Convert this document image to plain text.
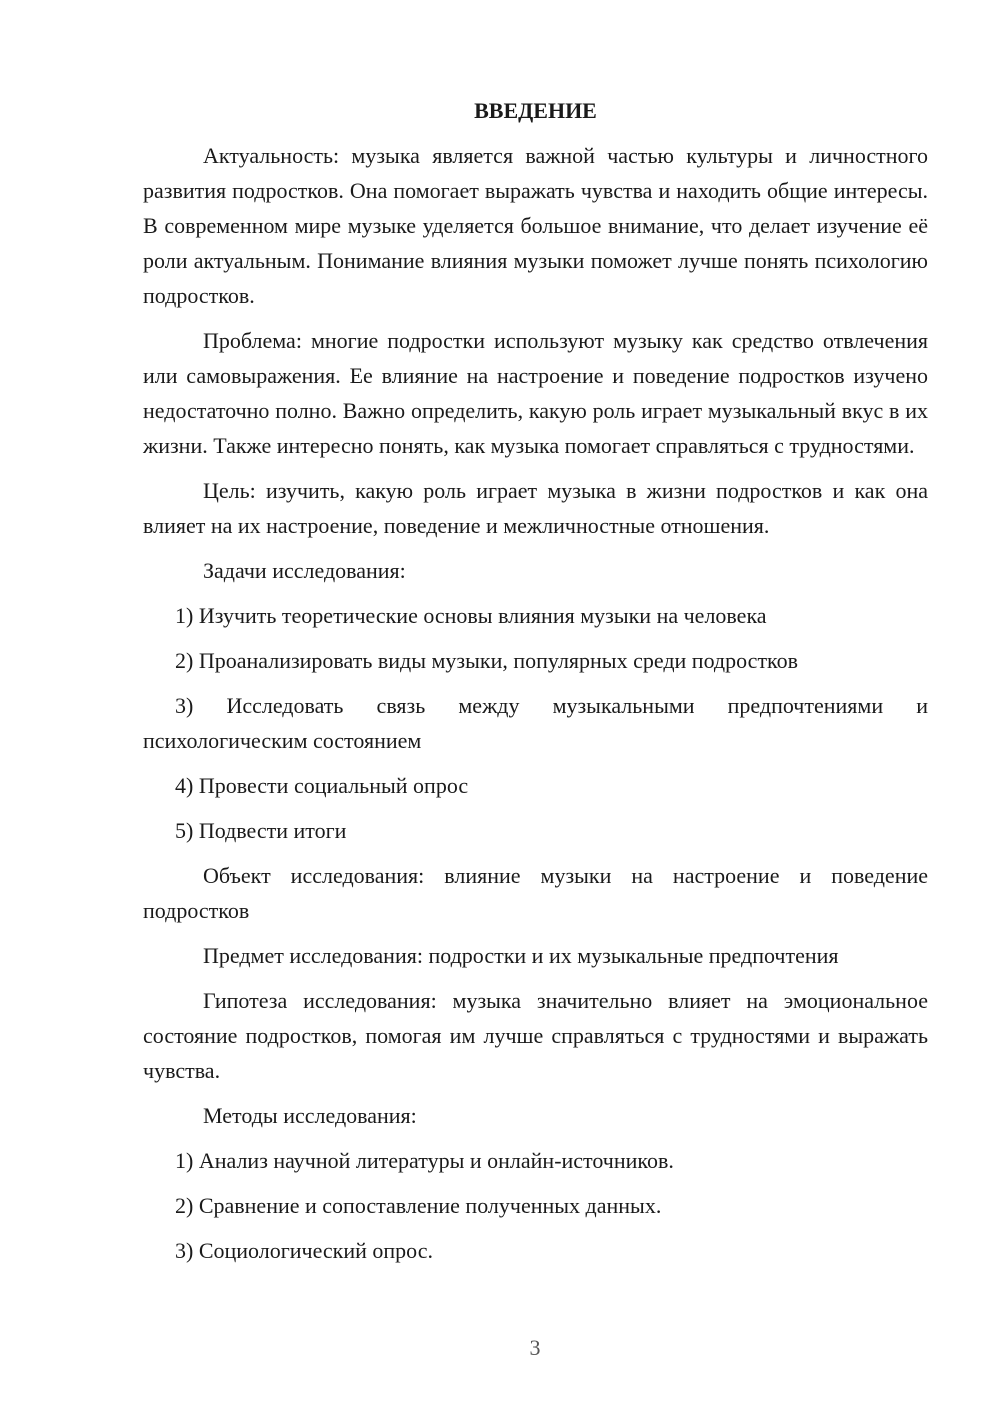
ВВЕДЕНИЕ

Актуальность: музыка является важной частью культуры и личностного развития подростков. Она помогает выражать чувства и находить общие интересы. В современном мире музыке уделяется большое внимание, что делает изучение её роли актуальным. Понимание влияния музыки поможет лучше понять психологию подростков.

Проблема: многие подростки используют музыку как средство отвлечения или самовыражения. Ее влияние на настроение и поведение подростков изучено недостаточно полно. Важно определить, какую роль играет музыкальный вкус в их жизни. Также интересно понять, как музыка помогает справляться с трудностями.

Цель: изучить, какую роль играет музыка в жизни подростков и как она влияет на их настроение, поведение и межличностные отношения.

Задачи исследования:

1) Изучить теоретические основы влияния музыки на человека

2) Проанализировать виды музыки, популярных среди подростков

3) Исследовать связь между музыкальными предпочтениями и психологическим состоянием

4) Провести социальный опрос

5) Подвести итоги

Объект исследования: влияние музыки на настроение и поведение подростков

Предмет исследования: подростки и их музыкальные предпочтения

Гипотеза исследования: музыка значительно влияет на эмоциональное состояние подростков, помогая им лучше справляться с трудностями и выражать чувства.

Методы исследования:

1) Анализ научной литературы и онлайн-источников.

2) Сравнение и сопоставление полученных данных.

3) Социологический опрос.

3
